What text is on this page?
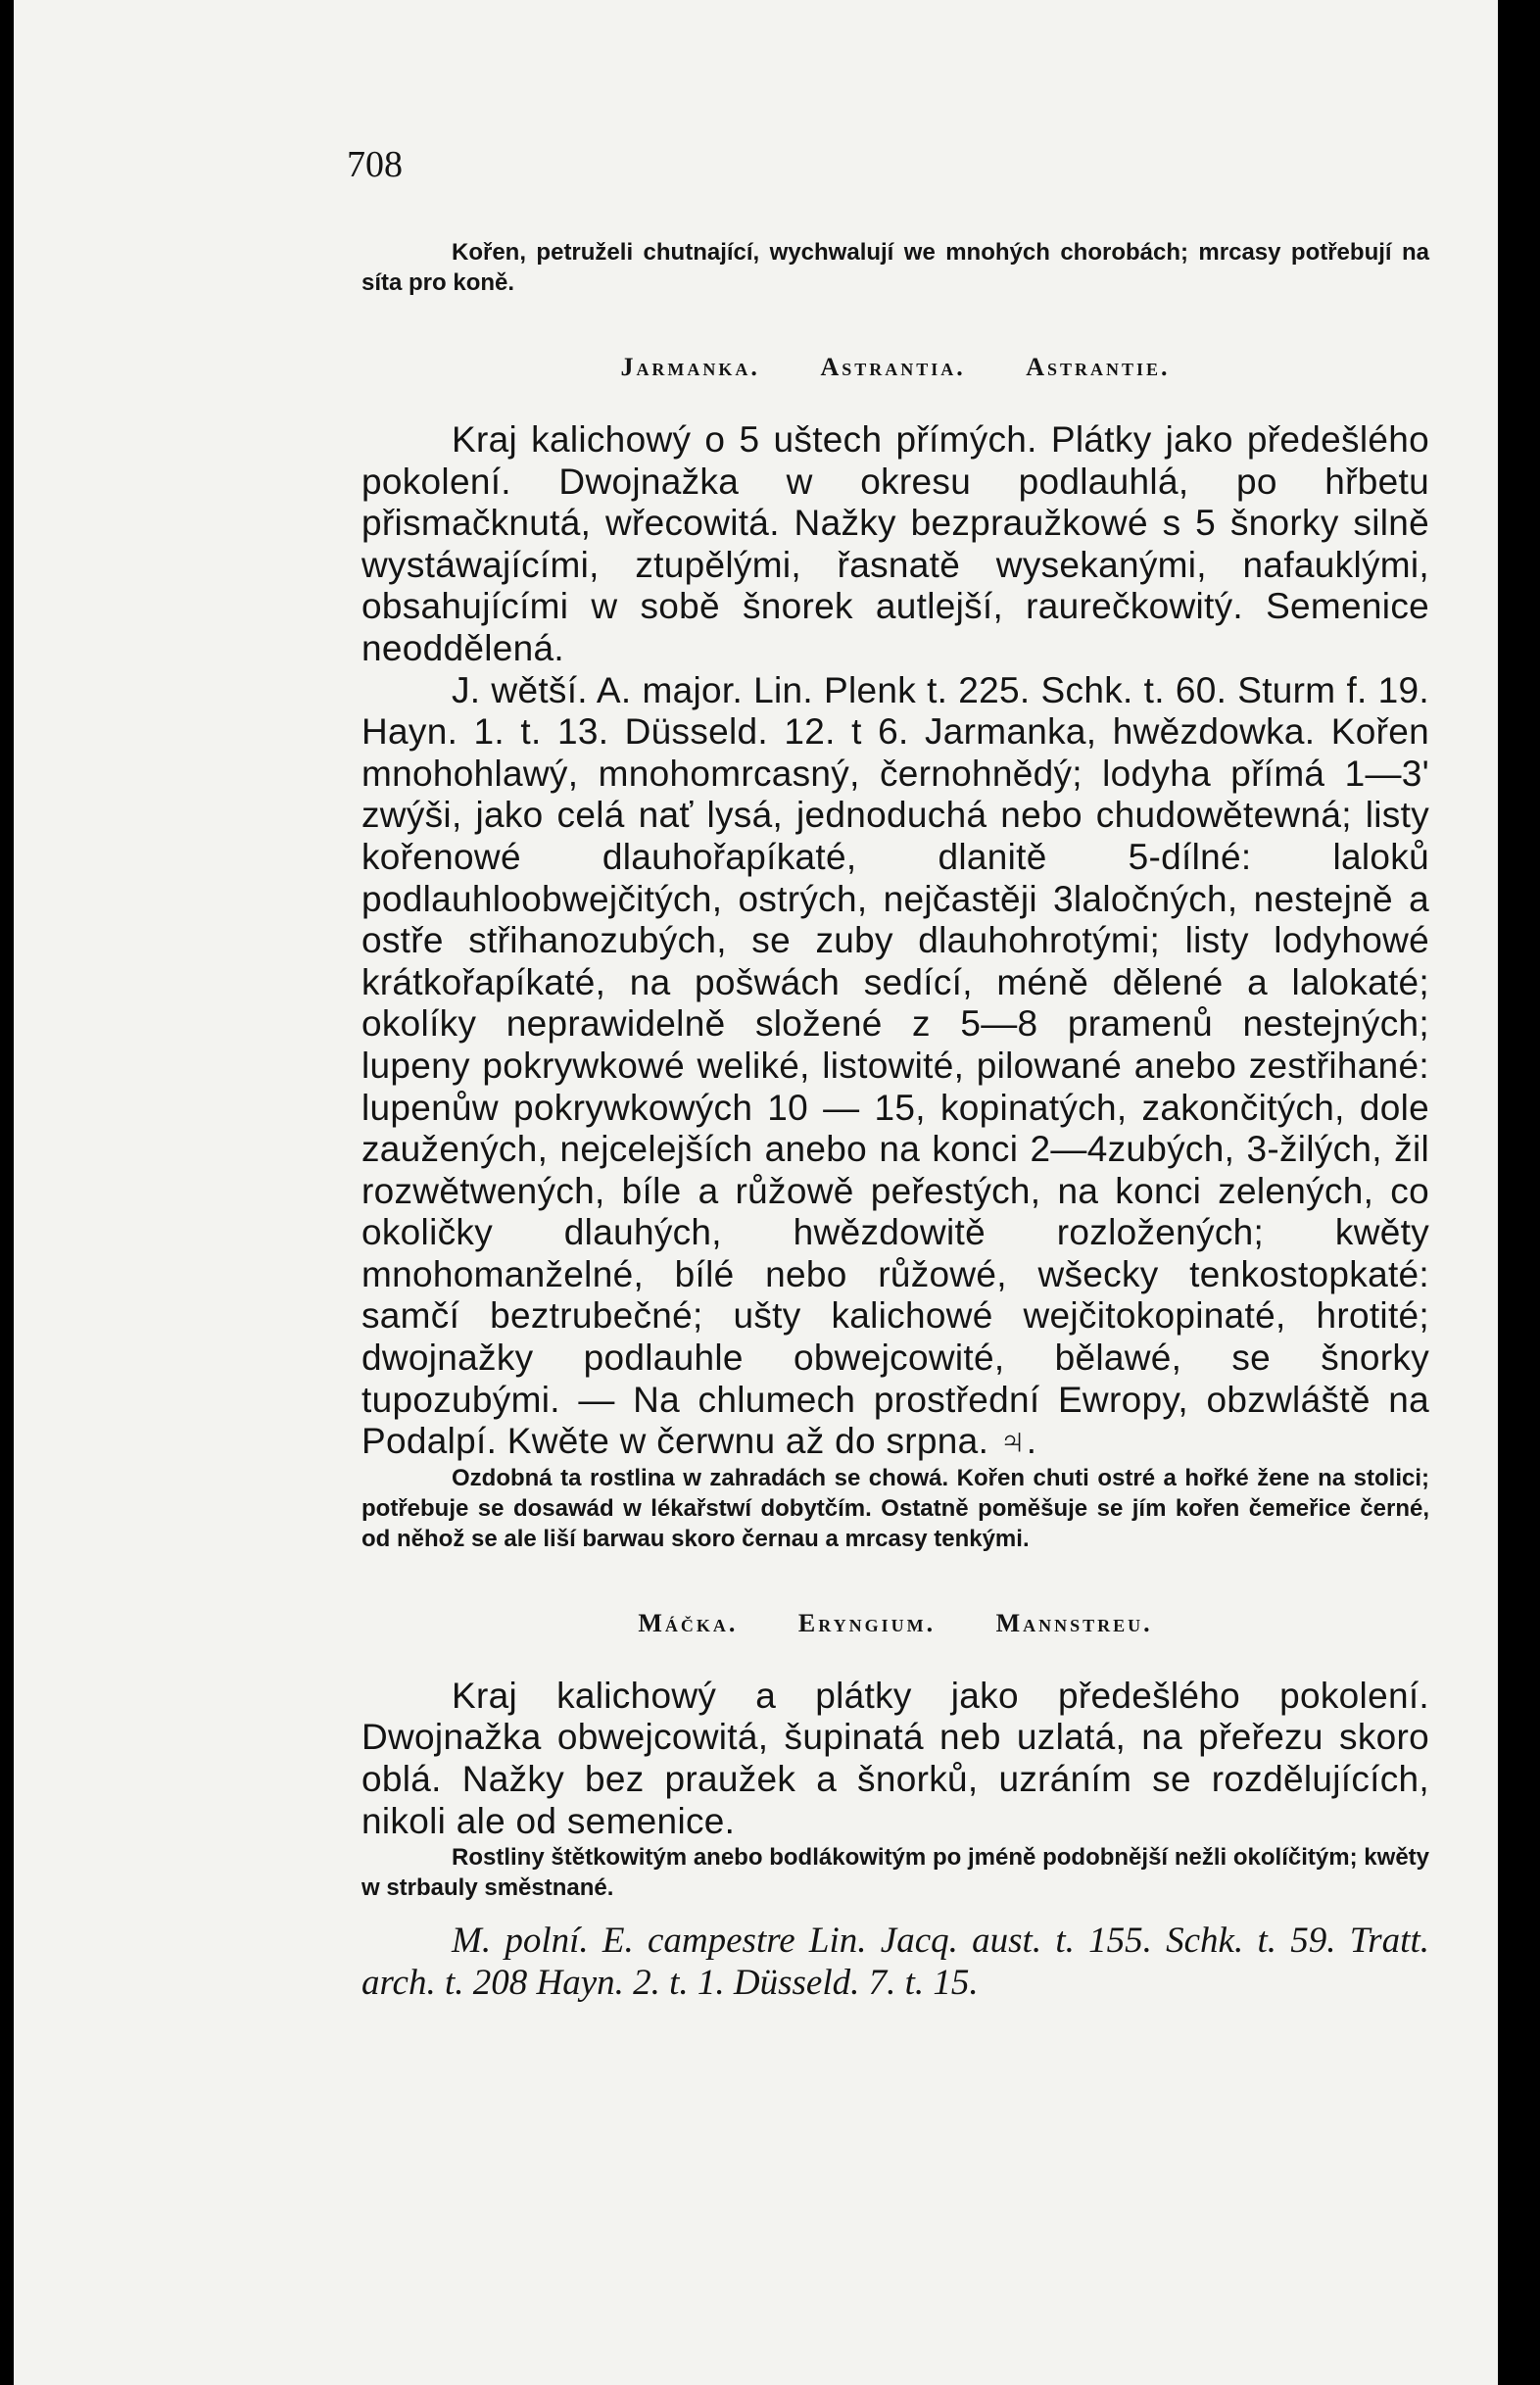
708

Kořen, petruželi chutnající, wychwalují we mnohých chorobách; mrcasy potřebují na síta pro koně.

Jarmanka. Astrantia. Astrantie.

Kraj kalichowý o 5 uštech přímých. Plátky jako předešlého pokolení. Dwojnažka w okresu podlauhlá, po hřbetu přismačknutá, wřecowitá. Nažky bezpraužkowé s 5 šnorky silně wystáwajícími, ztupělými, řasnatě wysekanými, nafauklými, obsahujícími w sobě šnorek autlejší, raurečkowitý. Semenice neoddělená.

J. wětší. A. major. Lin. Plenk t. 225. Schk. t. 60. Sturm f. 19. Hayn. 1. t. 13. Düsseld. 12. t 6. Jarmanka, hwězdowka. Kořen mnohohlawý, mnohomrcasný, černohnědý; lodyha přímá 1—3' zwýši, jako celá nať lysá, jednoduchá nebo chudowětewná; listy kořenowé dlauhořapíkaté, dlanitě 5-dílné: laloků podlauhloobwejčitých, ostrých, nejčastěji 3laločných, nestejně a ostře střihanozubých, se zuby dlauhohrotými; listy lodyhowé krátkořapíkaté, na pošwách sedící, méně dělené a lalokaté; okolíky neprawidelně složené z 5—8 pramenů nestejných; lupeny pokrywkowé weliké, listowité, pilowané anebo zestřihané: lupenůw pokrywkowých 10 — 15, kopinatých, zakončitých, dole zaužených, nejcelejších anebo na konci 2—4zubých, 3-žilých, žil rozwětwených, bíle a růžowě peřestých, na konci zelených, co okoličky dlauhých, hwězdowitě rozložených; kwěty mnohomanželné, bílé nebo růžowé, wšecky tenkostopkaté: samčí beztrubečné; ušty kalichowé wejčitokopinaté, hrotité; dwojnažky podlauhle obwejcowité, bělawé, se šnorky tupozubými. — Na chlumech prostřední Ewropy, obzwláště na Podalpí. Kwěte w čerwnu až do srpna. ♃.

Ozdobná ta rostlina w zahradách se chowá. Kořen chuti ostré a hořké žene na stolici; potřebuje se dosawád w lékařstwí dobytčím. Ostatně poměšuje se jím kořen čemeřice černé, od něhož se ale liší barwau skoro černau a mrcasy tenkými.

Máčka. Eryngium. Mannstreu.

Kraj kalichowý a plátky jako předešlého pokolení. Dwojnažka obwejcowitá, šupinatá neb uzlatá, na přeřezu skoro oblá. Nažky bez praužek a šnorků, uzráním se rozdělujících, nikoli ale od semenice.

Rostliny štětkowitým anebo bodlákowitým po jméně podobnější nežli okolíčitým; kwěty w strbauly směstnané.

M. polní. E. campestre Lin. Jacq. aust. t. 155. Schk. t. 59. Tratt. arch. t. 208 Hayn. 2. t. 1. Düsseld. 7. t. 15.
